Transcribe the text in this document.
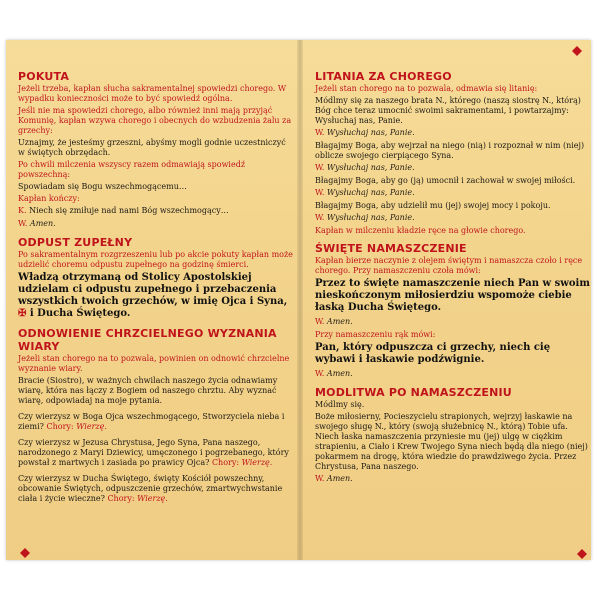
POKUTA
Jeżeli trzeba, kapłan słucha sakramentalnej spowiedzi chorego. W wypadku konieczności może to być spowiedź ogólna.
Jeśli nie ma spowiedzi chorego, albo również inni mają przyjąć Komunię, kapłan wzywa chorego i obecnych do wzbudzenia żalu za grzechy:
Uznajmy, że jesteśmy grzeszni, abyśmy mogli godnie uczestniczyć w świętych obrzędach.
Po chwili milczenia wszyscy razem odmawiają spowiedź powszechną:
Spowiadam się Bogu wszechmogącemu…
Kapłan kończy:
K. Niech się zmiłuje nad nami Bóg wszechmogący…
W. Amen.
ODPUST ZUPEŁNY
Po sakramentalnym rozgrzeszeniu lub po akcie pokuty kapłan może udzielić choremu odpustu zupełnego na godzinę śmierci.
Władzą otrzymaną od Stolicy Apostolskiej udzielam ci odpustu zupełnego i przebaczenia wszystkich twoich grzechów, w imię Ojca i Syna, ✠ i Ducha Świętego.
ODNOWIENIE CHRZCIELNEGO WYZNANIA WIARY
Jeżeli stan chorego na to pozwala, powinien on odnowić chrzcielne wyznanie wiary.
Bracie (Siostro), w ważnych chwilach naszego życia odnawiamy wiarę, która nas łączy z Bogiem od naszego chrztu. Aby wyznać wiarę, odpowiadaj na moje pytania.
Czy wierzysz w Boga Ojca wszechmogącego, Stworzyciela nieba i ziemi? Chory: Wierzę.
Czy wierzysz w Jezusa Chrystusa, Jego Syna, Pana naszego, narodzonego z Maryi Dziewicy, umęczonego i pogrzebanego, który powstał z martwych i zasiada po prawicy Ojca? Chory: Wierzę.
Czy wierzysz w Ducha Świętego, święty Kościół powszechny, obcowanie Świętych, odpuszczenie grzechów, zmartwychwstanie ciała i życie wieczne? Chory: Wierzę.
LITANIA ZA CHOREGO
Jeżeli stan chorego na to pozwala, odmawia się litanię:
Módlmy się za naszego brata N., którego (naszą siostrę N., którą) Bóg chce teraz umocnić swoimi sakramentami, i powtarzajmy: Wysłuchaj nas, Panie.
W. Wysłuchaj nas, Panie.
Błagajmy Boga, aby wejrzał na niego (nią) i rozpoznał w nim (niej) oblicze swojego cierpiącego Syna.
W. Wysłuchaj nas, Panie.
Błagajmy Boga, aby go (ją) umocnił i zachował w swojej miłości.
W. Wysłuchaj nas, Panie.
Błagajmy Boga, aby udzielił mu (jej) swojej mocy i pokoju.
W. Wysłuchaj nas, Panie.
Kapłan w milczeniu kładzie ręce na głowie chorego.
ŚWIĘTE NAMASZCZENIE
Kapłan bierze naczynie z olejem świętym i namaszcza czoło i ręce chorego. Przy namaszczeniu czoła mówi:
Przez to święte namaszczenie niech Pan w swoim nieskończonym miłosierdziu wspomoże ciebie łaską Ducha Świętego.
W. Amen.
Przy namaszczeniu rąk mówi:
Pan, który odpuszcza ci grzechy, niech cię wybawi i łaskawie podźwignie.
W. Amen.
MODLITWA PO NAMASZCZENIU
Módlmy się.
Boże miłosierny, Pocieszycielu strapionych, wejrzyj łaskawie na swojego sługę N., który (swoją służebnicę N., którą) Tobie ufa. Niech łaska namaszczenia przyniesie mu (jej) ulgę w ciężkim strapieniu, a Ciało i Krew Twojego Syna niech będą dla niego (niej) pokarmem na drogę, która wiedzie do prawdziwego życia. Przez Chrystusa, Pana naszego.
W. Amen.
